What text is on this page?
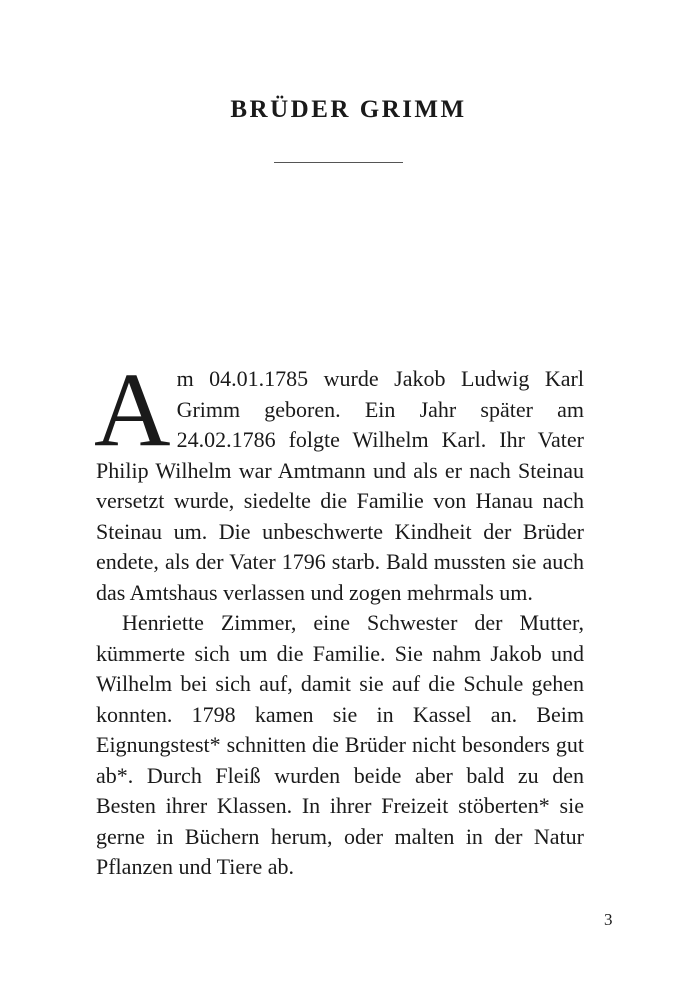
BRÜDER GRIMM

Am 04.01.1785 wurde Jakob Ludwig Karl Grimm geboren. Ein Jahr später am 24.02.1786 folgte Wilhelm Karl. Ihr Vater Philip Wilhelm war Amtmann und als er nach Steinau versetzt wurde, siedelte die Familie von Hanau nach Steinau um. Die unbeschwerte Kindheit der Brüder endete, als der Vater 1796 starb. Bald mussten sie auch das Amtshaus verlassen und zogen mehrmals um.

Henriette Zimmer, eine Schwester der Mutter, kümmerte sich um die Familie. Sie nahm Jakob und Wilhelm bei sich auf, damit sie auf die Schule gehen konnten. 1798 kamen sie in Kassel an. Beim Eignungstest* schnitten die Brüder nicht besonders gut ab*. Durch Fleiß wurden beide aber bald zu den Besten ihrer Klassen. In ihrer Freizeit stöberten* sie gerne in Büchern herum, oder malten in der Natur Pflanzen und Tiere ab.

3
